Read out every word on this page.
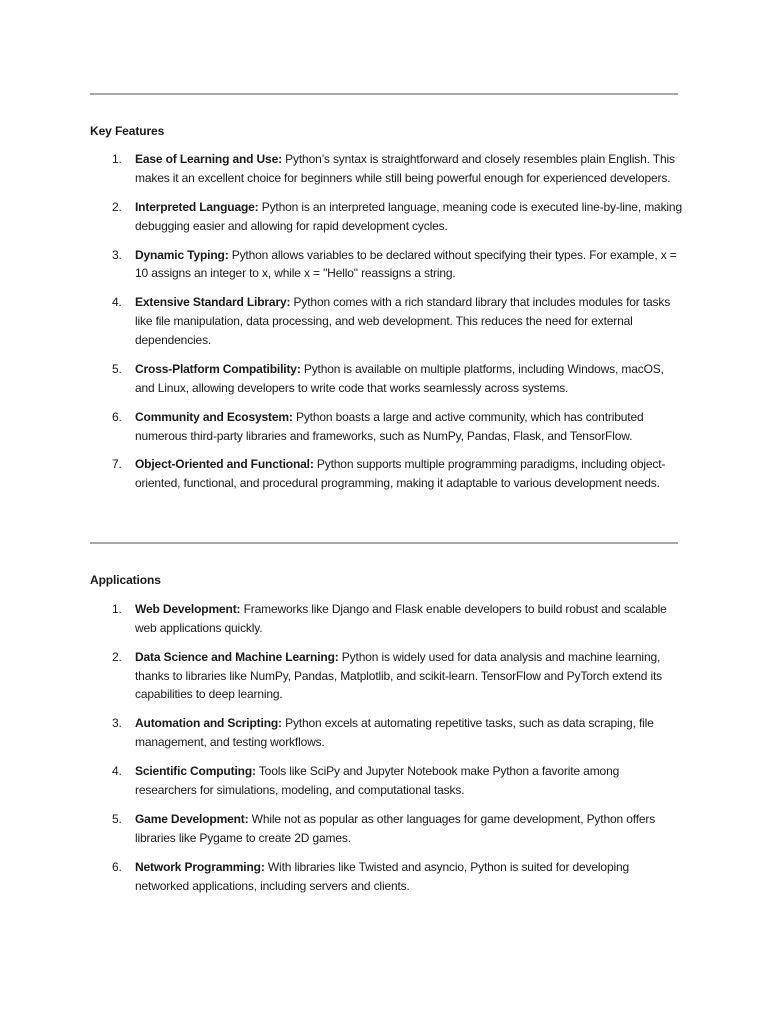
Key Features
1. Ease of Learning and Use: Python’s syntax is straightforward and closely resembles plain English. This makes it an excellent choice for beginners while still being powerful enough for experienced developers.
2. Interpreted Language: Python is an interpreted language, meaning code is executed line-by-line, making debugging easier and allowing for rapid development cycles.
3. Dynamic Typing: Python allows variables to be declared without specifying their types. For example, x = 10 assigns an integer to x, while x = "Hello" reassigns a string.
4. Extensive Standard Library: Python comes with a rich standard library that includes modules for tasks like file manipulation, data processing, and web development. This reduces the need for external dependencies.
5. Cross-Platform Compatibility: Python is available on multiple platforms, including Windows, macOS, and Linux, allowing developers to write code that works seamlessly across systems.
6. Community and Ecosystem: Python boasts a large and active community, which has contributed numerous third-party libraries and frameworks, such as NumPy, Pandas, Flask, and TensorFlow.
7. Object-Oriented and Functional: Python supports multiple programming paradigms, including object-oriented, functional, and procedural programming, making it adaptable to various development needs.
Applications
1. Web Development: Frameworks like Django and Flask enable developers to build robust and scalable web applications quickly.
2. Data Science and Machine Learning: Python is widely used for data analysis and machine learning, thanks to libraries like NumPy, Pandas, Matplotlib, and scikit-learn. TensorFlow and PyTorch extend its capabilities to deep learning.
3. Automation and Scripting: Python excels at automating repetitive tasks, such as data scraping, file management, and testing workflows.
4. Scientific Computing: Tools like SciPy and Jupyter Notebook make Python a favorite among researchers for simulations, modeling, and computational tasks.
5. Game Development: While not as popular as other languages for game development, Python offers libraries like Pygame to create 2D games.
6. Network Programming: With libraries like Twisted and asyncio, Python is suited for developing networked applications, including servers and clients.
